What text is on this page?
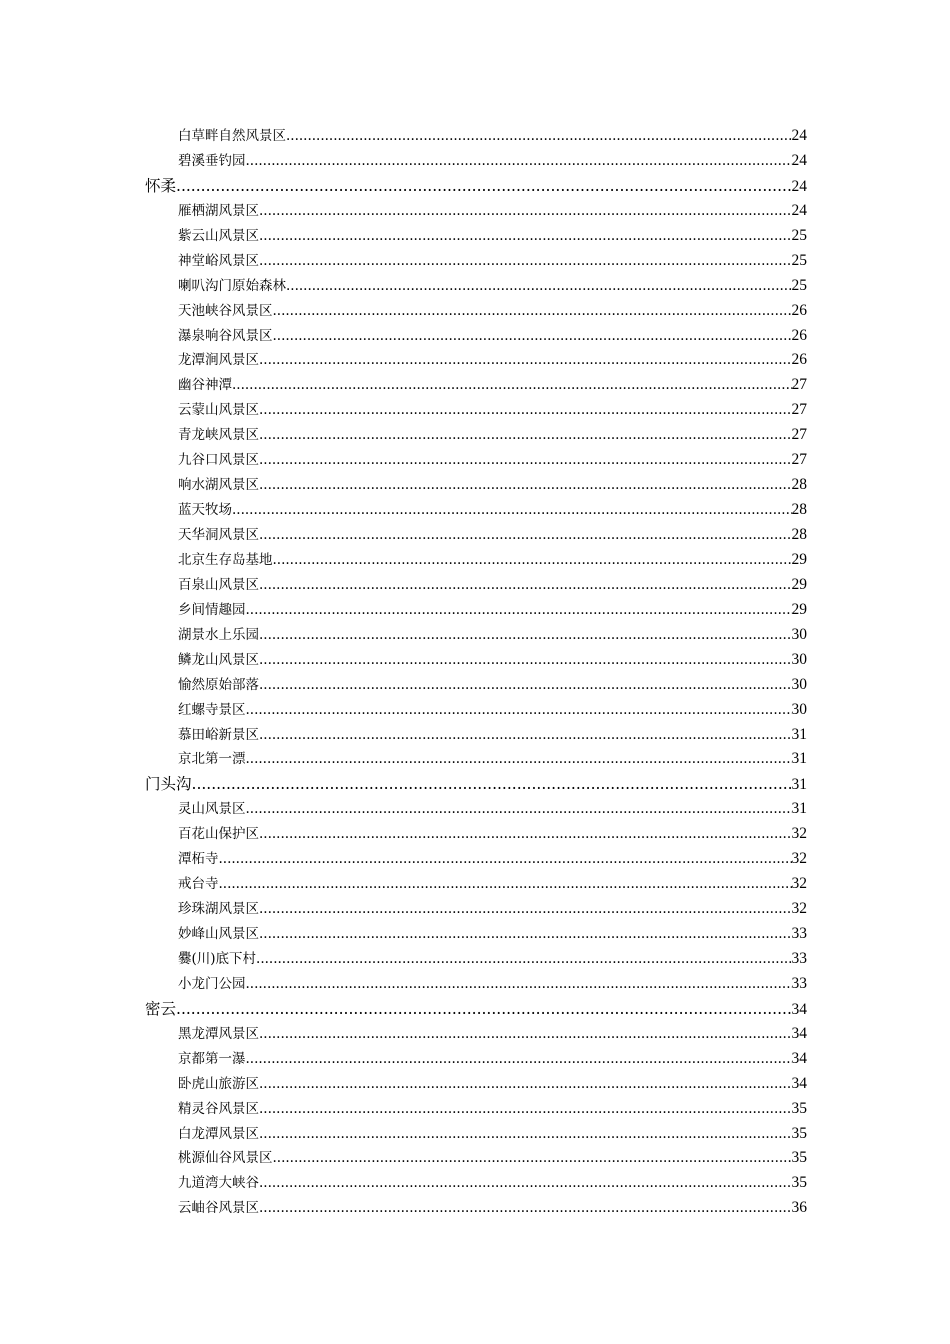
白草畔自然风景区 .....	24
碧溪垂钓园 .....	24
怀柔 .....	24
雁栖湖风景区 .....	24
紫云山风景区 .....	25
神堂峪风景区 .....	25
喇叭沟门原始森林 .....	25
天池峡谷风景区 .....	26
瀑泉响谷风景区 .....	26
龙潭涧风景区 .....	26
幽谷神潭 .....	27
云蒙山风景区 .....	27
青龙峡风景区 .....	27
九谷口风景区 .....	27
响水湖风景区 .....	28
蓝天牧场 .....	28
天华洞风景区 .....	28
北京生存岛基地 .....	29
百泉山风景区 .....	29
乡间情趣园 .....	29
湖景水上乐园 .....	30
鳞龙山风景区 .....	30
愉然原始部落 .....	30
红螺寺景区 .....	30
慕田峪新景区 .....	31
京北第一漂 .....	31
门头沟 .....	31
灵山风景区 .....	31
百花山保护区 .....	32
潭柘寺 .....	32
戒台寺 .....	32
珍珠湖风景区 .....	32
妙峰山风景区 .....	33
爨(川)底下村 .....	33
小龙门公园 .....	33
密云 .....	34
黑龙潭风景区 .....	34
京都第一瀑 .....	34
卧虎山旅游区 .....	34
精灵谷风景区 .....	35
白龙潭风景区 .....	35
桃源仙谷风景区 .....	35
九道湾大峡谷 .....	35
云岫谷风景区 .....	36
